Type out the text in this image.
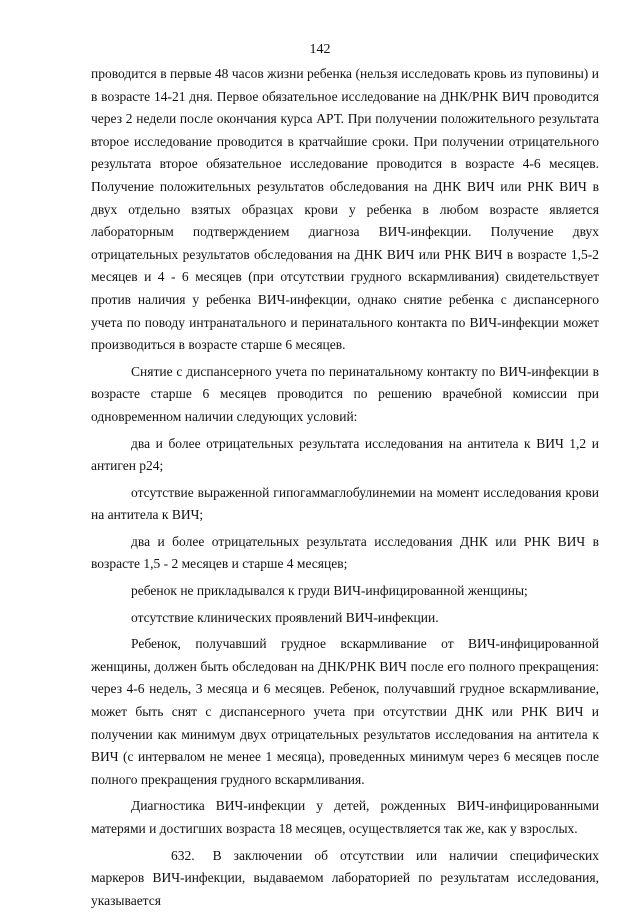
142

проводится в первые 48 часов жизни ребенка (нельзя исследовать кровь из пуповины) и в возрасте 14-21 дня. Первое обязательное исследование на ДНК/РНК ВИЧ проводится через 2 недели после окончания курса АРТ. При получении положительного результата второе исследование проводится в кратчайшие сроки. При получении отрицательного результата второе обязательное исследование проводится в возрасте 4-6 месяцев. Получение положительных результатов обследования на ДНК ВИЧ или РНК ВИЧ в двух отдельно взятых образцах крови у ребенка в любом возрасте является лабораторным подтверждением диагноза ВИЧ-инфекции. Получение двух отрицательных результатов обследования на ДНК ВИЧ или РНК ВИЧ в возрасте 1,5-2 месяцев и 4 - 6 месяцев (при отсутствии грудного вскармливания) свидетельствует против наличия у ребенка ВИЧ-инфекции, однако снятие ребенка с диспансерного учета по поводу интранатального и перинатального контакта по ВИЧ-инфекции может производиться в возрасте старше 6 месяцев.

Снятие с диспансерного учета по перинатальному контакту по ВИЧ-инфекции в возрасте старше 6 месяцев проводится по решению врачебной комиссии при одновременном наличии следующих условий:

два и более отрицательных результата исследования на антитела к ВИЧ 1,2 и антиген р24;

отсутствие выраженной гипогаммаглобулинемии на момент исследования крови на антитела к ВИЧ;

два и более отрицательных результата исследования ДНК или РНК ВИЧ в возрасте 1,5 - 2 месяцев и старше 4 месяцев;

ребенок не прикладывался к груди ВИЧ-инфицированной женщины;

отсутствие клинических проявлений ВИЧ-инфекции.

Ребенок, получавший грудное вскармливание от ВИЧ-инфицированной женщины, должен быть обследован на ДНК/РНК ВИЧ после его полного прекращения: через 4-6 недель, 3 месяца и 6 месяцев. Ребенок, получавший грудное вскармливание, может быть снят с диспансерного учета при отсутствии ДНК или РНК ВИЧ и получении как минимум двух отрицательных результатов исследования на антитела к ВИЧ (с интервалом не менее 1 месяца), проведенных минимум через 6 месяцев после полного прекращения грудного вскармливания.

Диагностика ВИЧ-инфекции у детей, рожденных ВИЧ-инфицированными матерями и достигших возраста 18 месяцев, осуществляется так же, как у взрослых.

632. В заключении об отсутствии или наличии специфических маркеров ВИЧ-инфекции, выдаваемом лабораторией по результатам исследования, указывается
